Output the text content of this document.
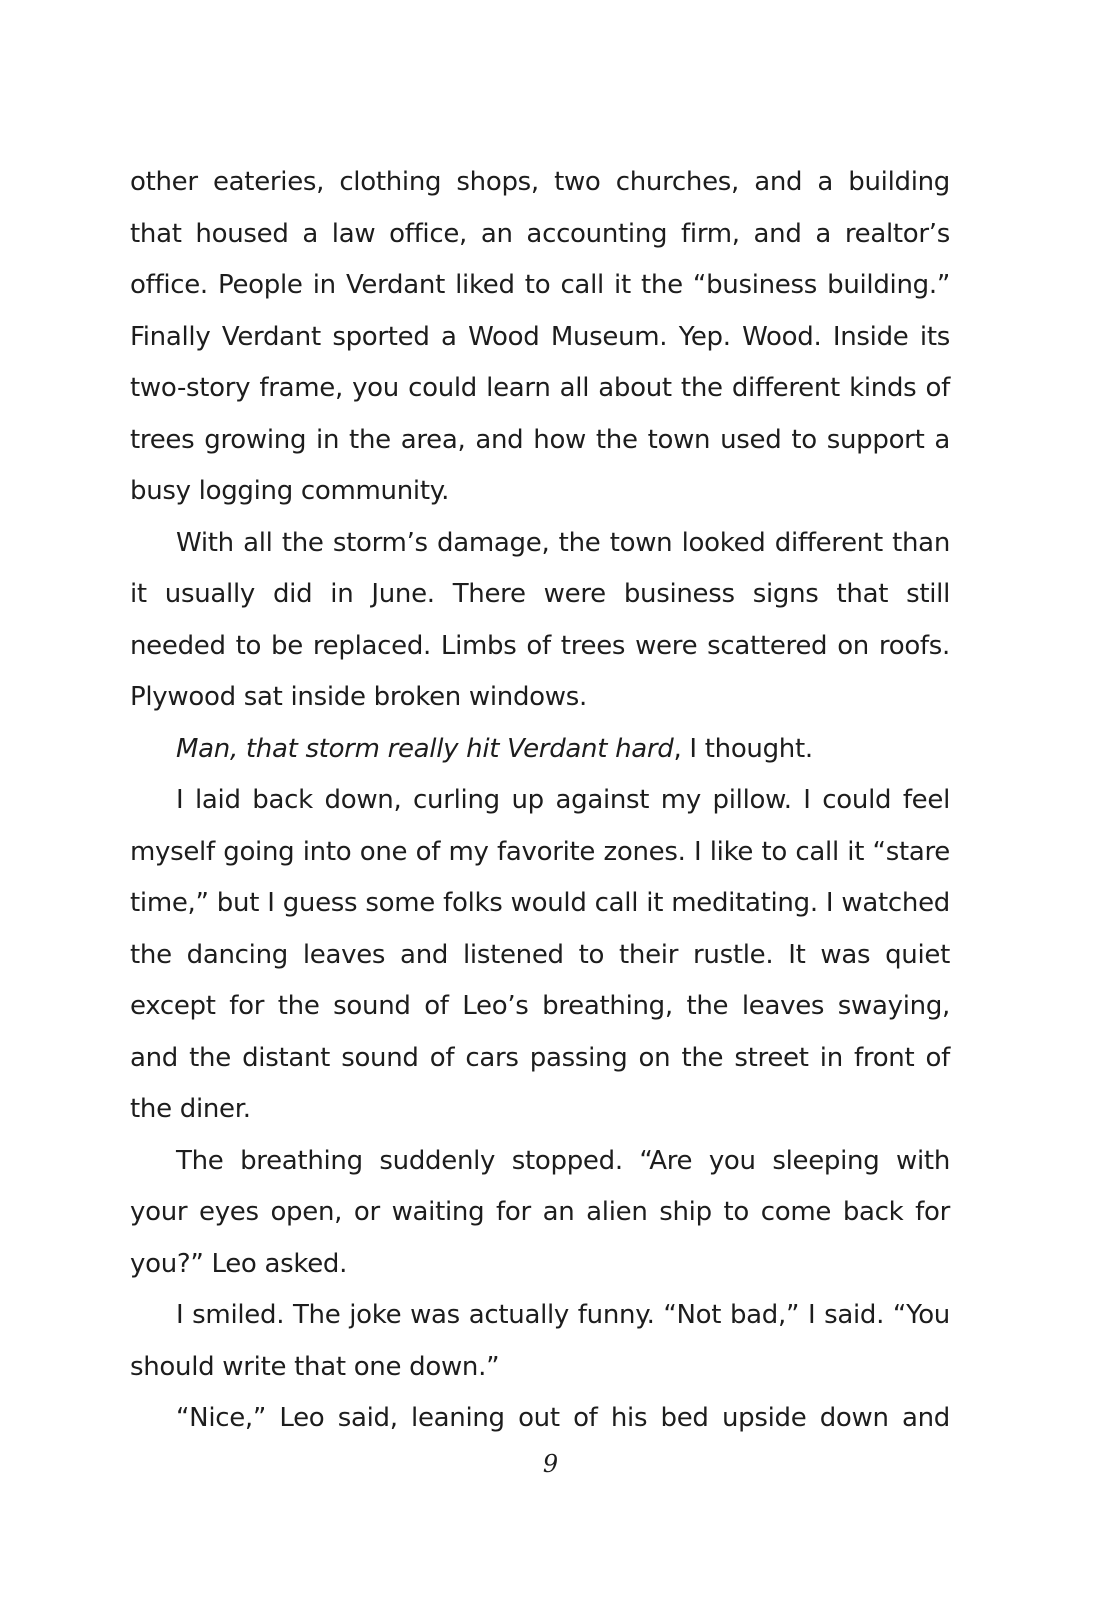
other eateries, clothing shops, two churches, and a building that housed a law office, an accounting firm, and a realtor’s office. People in Verdant liked to call it the “business building.” Finally Verdant sported a Wood Museum. Yep. Wood. Inside its two-story frame, you could learn all about the different kinds of trees growing in the area, and how the town used to support a busy logging community.

With all the storm’s damage, the town looked different than it usually did in June. There were business signs that still needed to be replaced. Limbs of trees were scattered on roofs. Plywood sat inside broken windows.

Man, that storm really hit Verdant hard, I thought.

I laid back down, curling up against my pillow. I could feel myself going into one of my favorite zones. I like to call it “stare time,” but I guess some folks would call it meditating. I watched the dancing leaves and listened to their rustle. It was quiet except for the sound of Leo’s breathing, the leaves swaying, and the distant sound of cars passing on the street in front of the diner.

The breathing suddenly stopped. “Are you sleeping with your eyes open, or waiting for an alien ship to come back for you?” Leo asked.

I smiled. The joke was actually funny. “Not bad,” I said. “You should write that one down.”

“Nice,” Leo said, leaning out of his bed upside down and

9
